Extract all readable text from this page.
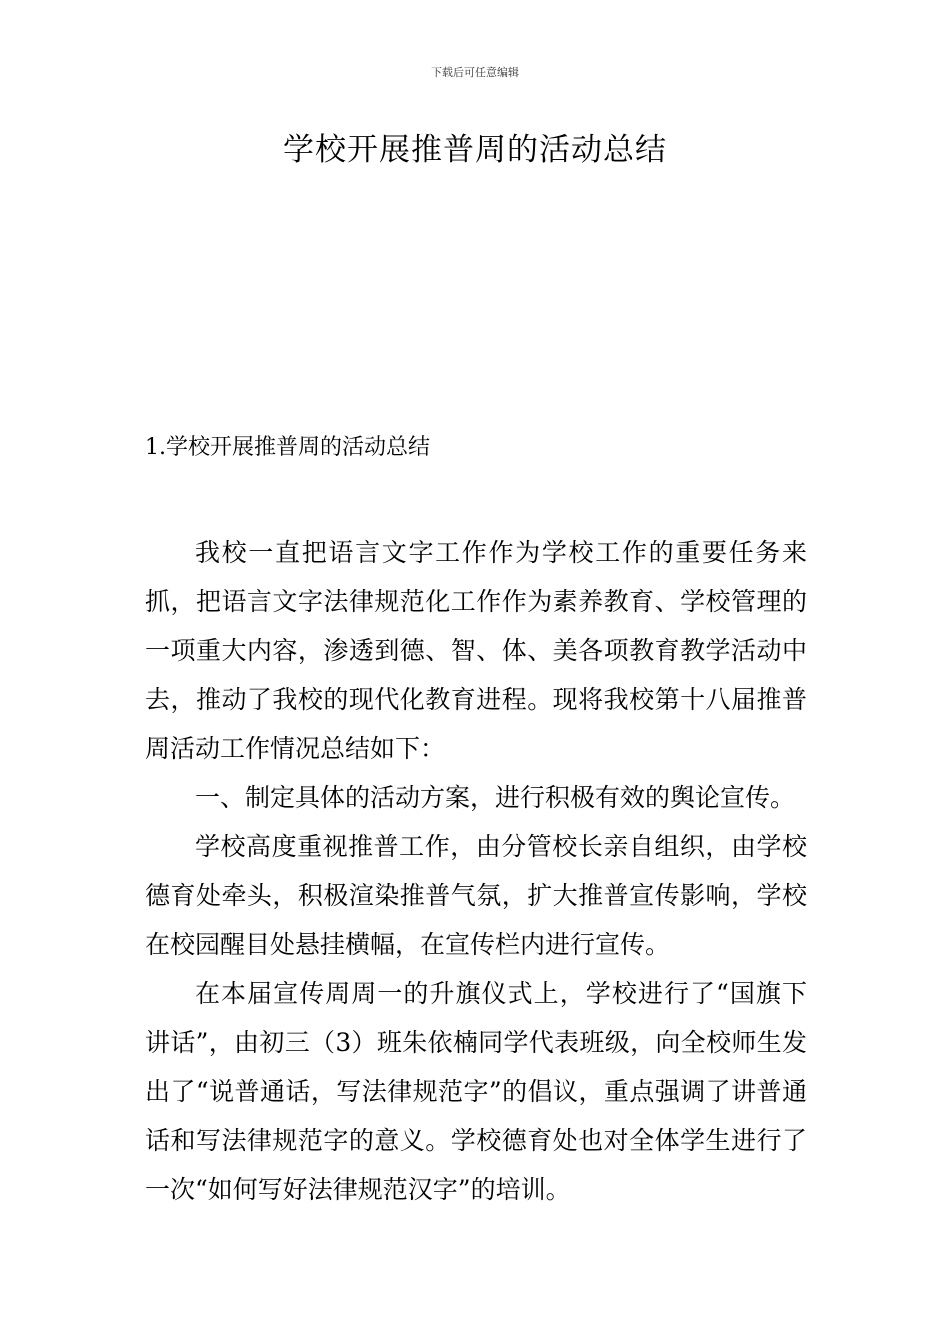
下载后可任意编辑
学校开展推普周的活动总结
1.学校开展推普周的活动总结

我校一直把语言文字工作作为学校工作的重要任务来抓，把语言文字法律规范化工作作为素养教育、学校管理的一项重大内容，渗透到德、智、体、美各项教育教学活动中去，推动了我校的现代化教育进程。现将我校第十八届推普周活动工作情况总结如下：

一、制定具体的活动方案，进行积极有效的舆论宣传。

学校高度重视推普工作，由分管校长亲自组织，由学校德育处牵头，积极渲染推普气氛，扩大推普宣传影响，学校在校园醒目处悬挂横幅，在宣传栏内进行宣传。

在本届宣传周周一的升旗仪式上，学校进行了“国旗下讲话”，由初三（3）班朱依楠同学代表班级，向全校师生发出了“说普通话，写法律规范字”的倡议，重点强调了讲普通话和写法律规范字的意义。学校德育处也对全体学生进行了一次“如何写好法律规范汉字”的培训。
